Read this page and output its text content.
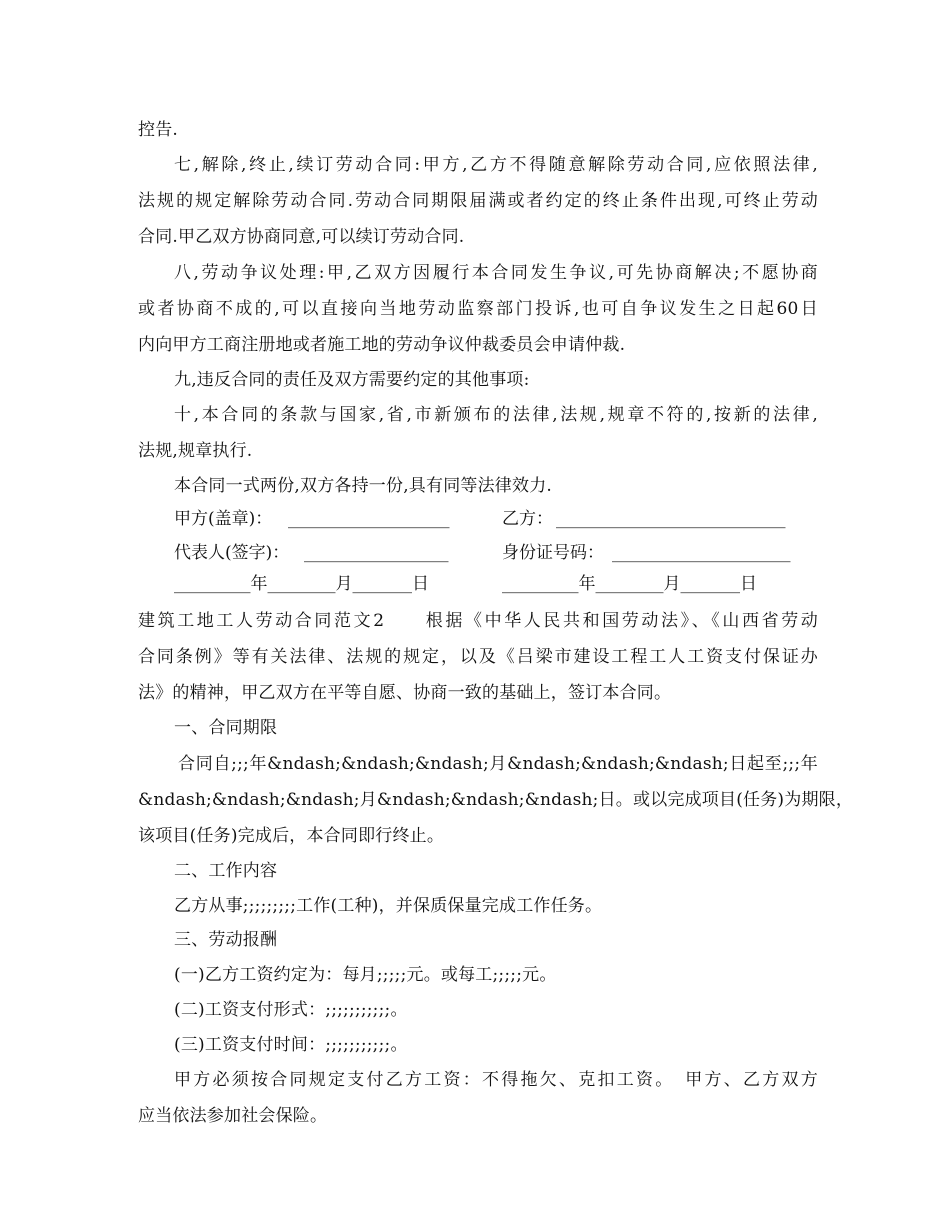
控告.
七,解除,终止,续订劳动合同:甲方,乙方不得随意解除劳动合同,应依照法律,
法规的规定解除劳动合同.劳动合同期限届满或者约定的终止条件出现,可终止劳动
合同.甲乙双方协商同意,可以续订劳动合同.
八,劳动争议处理:甲,乙双方因履行本合同发生争议,可先协商解决;不愿协商
或者协商不成的,可以直接向当地劳动监察部门投诉,也可自争议发生之日起60日
内向甲方工商注册地或者施工地的劳动争议仲裁委员会申请仲裁.
九,违反合同的责任及双方需要约定的其他事项:
十,本合同的条款与国家,省,市新颁布的法律,法规,规章不符的,按新的法律,
法规,规章执行.
本合同一式两份,双方各持一份,具有同等法律效力.
甲方(盖章)： ___________________	乙方： ___________________________
代表人(签字)： _________________	身份证号码： _____________________
_________年________月_______日	_________年________月_______日
建筑工地工人劳动合同范文2　　根据《中华人民共和国劳动法》、《山西省劳动
合同条例》等有关法律、法规的规定，以及《吕梁市建设工程工人工资支付保证办
法》的精神，甲乙双方在平等自愿、协商一致的基础上，签订本合同。
一、合同期限
合同自;;;年&ndash;&ndash;&ndash;月&ndash;&ndash;&ndash;日起至;;;年
&ndash;&ndash;&ndash;月&ndash;&ndash;&ndash;日。或以完成项目(任务)为期限，
该项目(任务)完成后，本合同即行终止。
二、工作内容
乙方从事;;;;;;;;;工作(工种)，并保质保量完成工作任务。
三、劳动报酬
(一)乙方工资约定为：每月;;;;;元。或每工;;;;;元。
(二)工资支付形式：;;;;;;;;;;;。
(三)工资支付时间：;;;;;;;;;;;。
甲方必须按合同规定支付乙方工资：不得拖欠、克扣工资。　甲方、乙方双方
应当依法参加社会保险。
